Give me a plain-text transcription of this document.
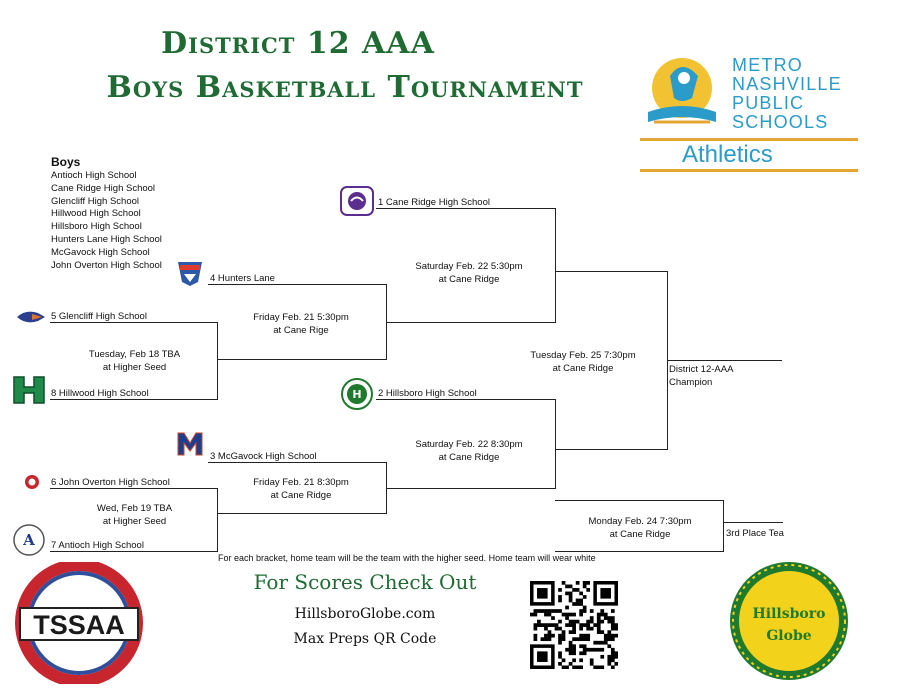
District 12 AAA
Boys Basketball Tournament
METRO
NASHVILLE
PUBLIC
SCHOOLS
Athletics
Boys
Antioch High School
Cane Ridge High School
Glencliff High School
Hillwood High School
Hillsboro High School
Hunters Lane High School
McGavock High School
John Overton High School
H
A
1 Cane Ridge High School
4 Hunters Lane
5 Glencliff High School
8 Hillwood High School	2 Hillsboro High School
3 McGavock High School
6 John Overton High School
7 Antioch High School
Tuesday, Feb 18 TBA
at Higher Seed
Wed, Feb 19 TBA
at Higher Seed
Friday Feb. 21 5:30pm
at Cane Rige
Friday Feb. 21 8:30pm
at Cane Ridge
Saturday Feb. 22 5:30pm
at Cane Ridge
Saturday Feb. 22 8:30pm
at Cane Ridge
Tuesday Feb. 25 7:30pm
at Cane Ridge	District 12-AAA
Champion
Monday Feb. 24 7:30pm
at Cane Ridge	3rd Place Tea
For each bracket, home team will be the team with the higher seed. Home team will wear white
For Scores Check Out
HillsboroGlobe.com
Max Preps QR Code
TSSAA	Hillsboro
Globe
